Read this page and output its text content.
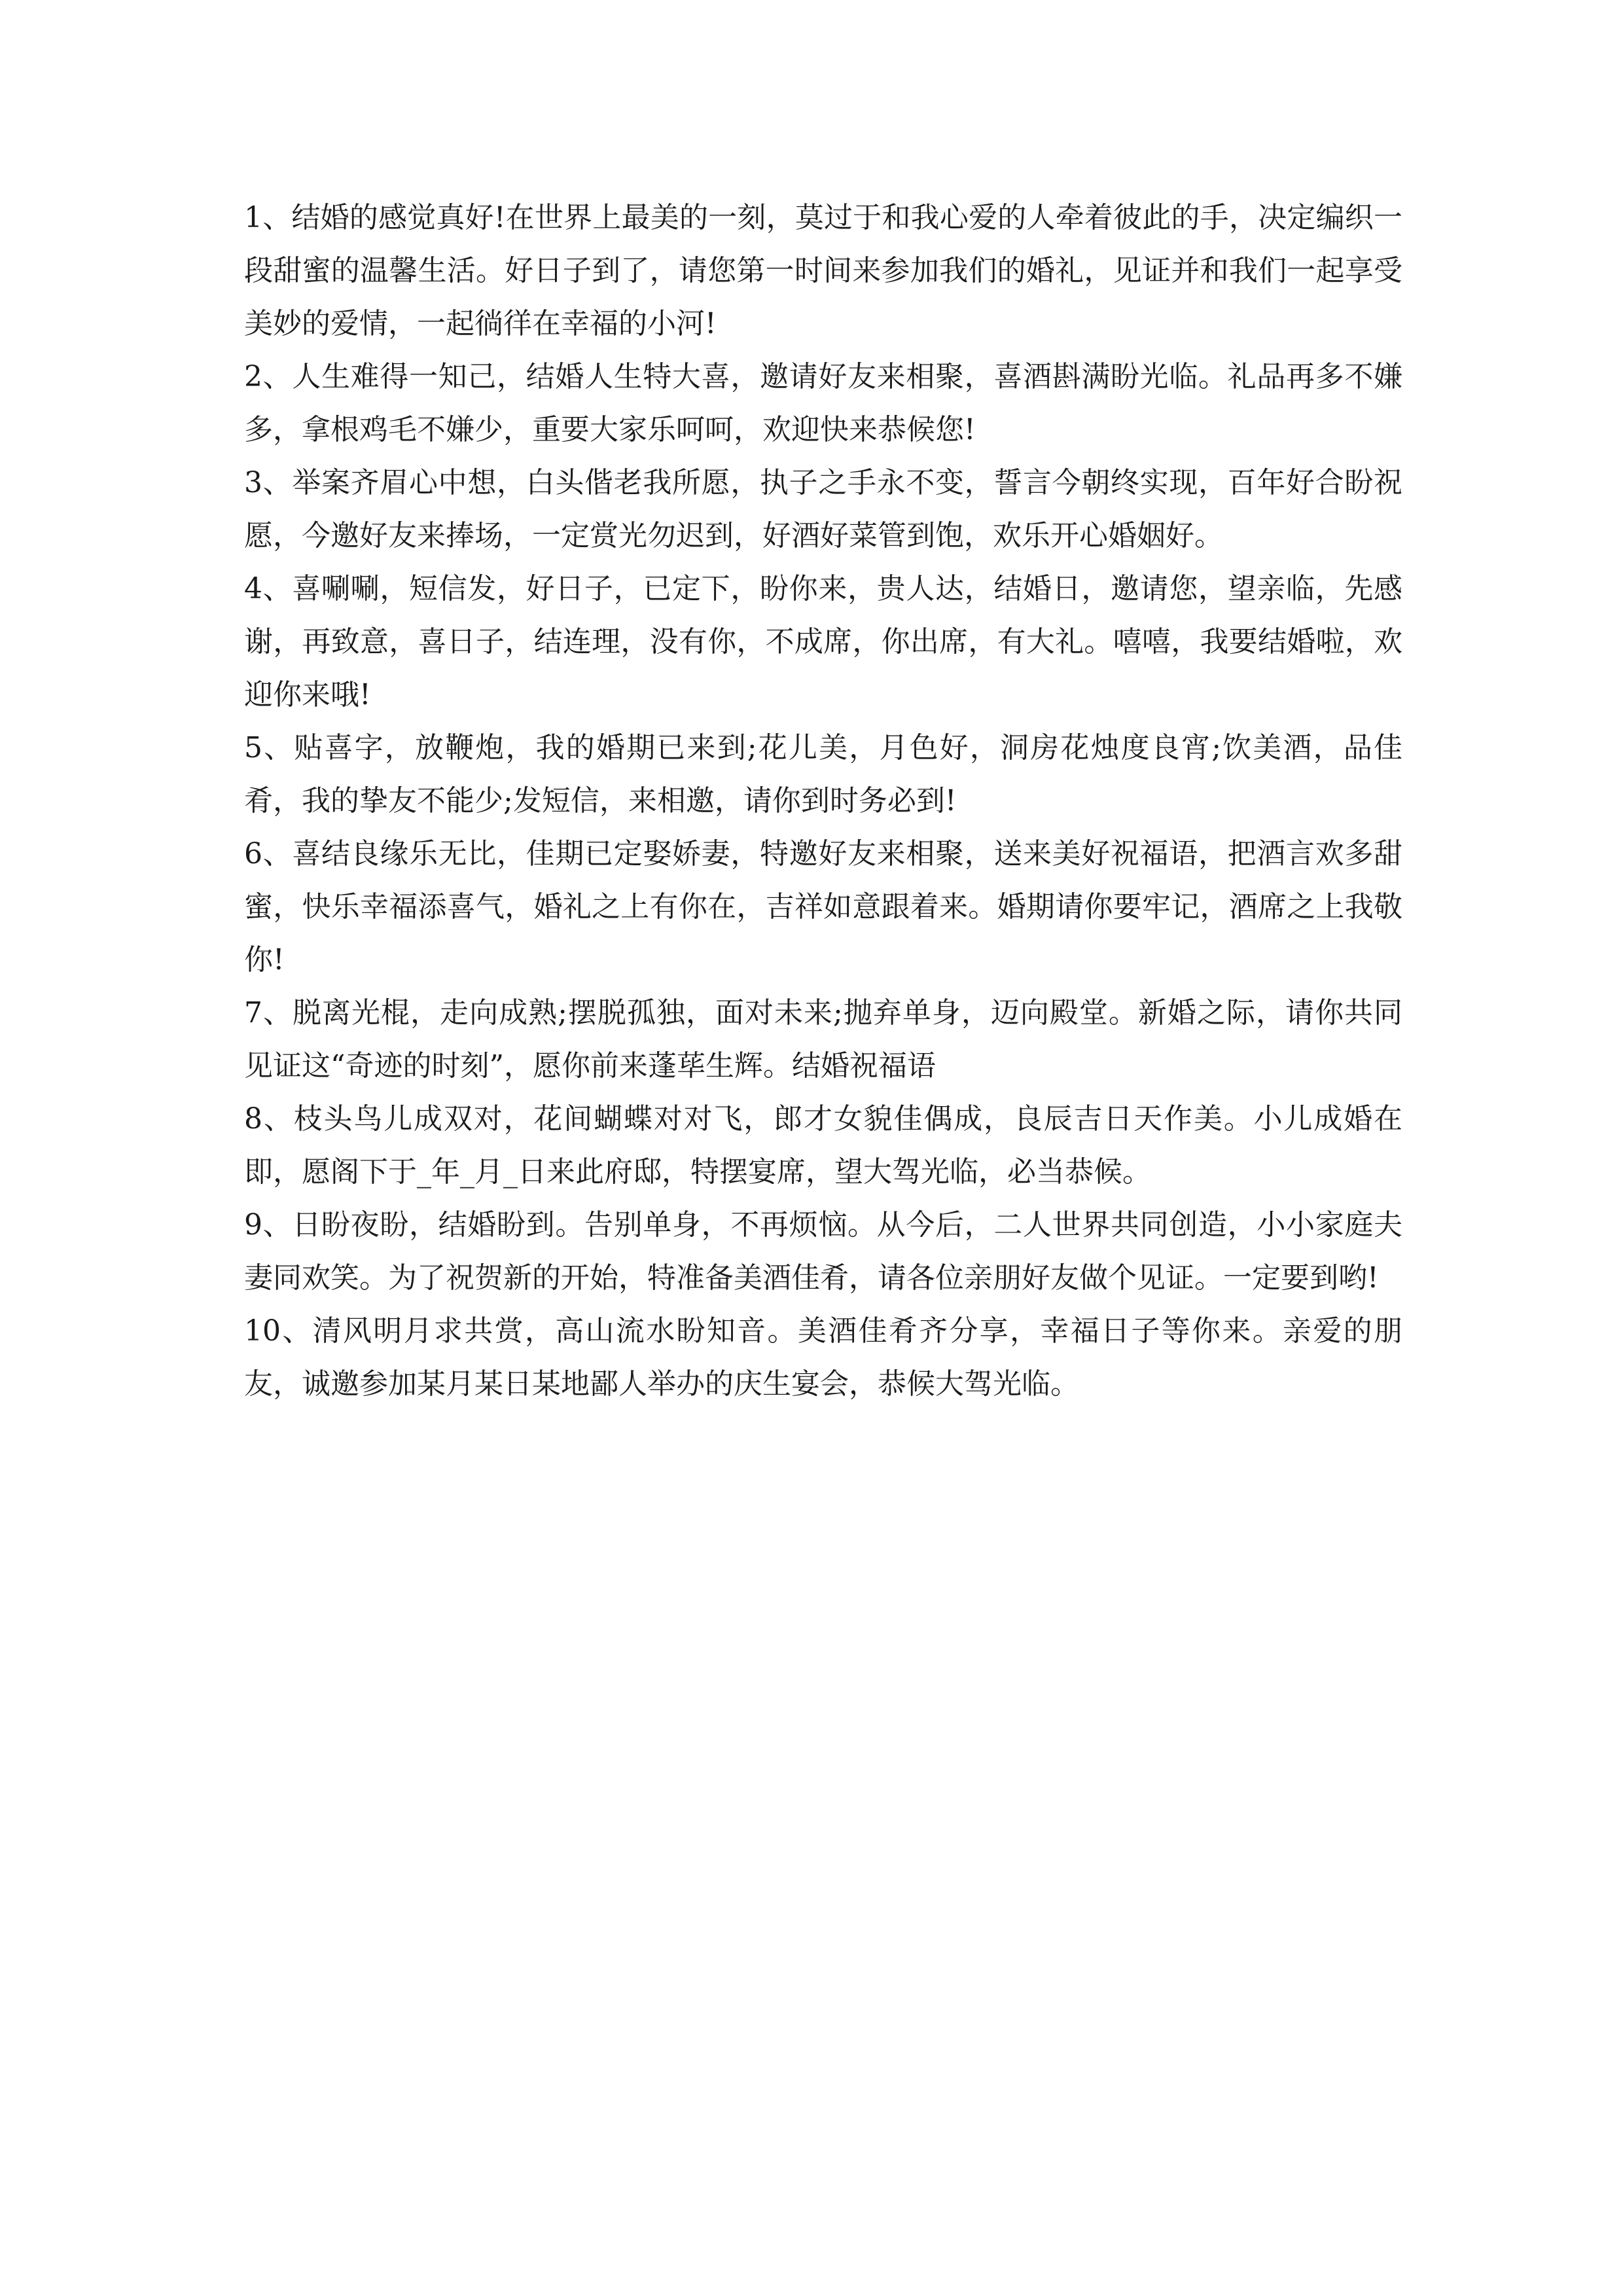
1、结婚的感觉真好!在世界上最美的一刻，莫过于和我心爱的人牵着彼此的手，决定编织一段甜蜜的温馨生活。好日子到了，请您第一时间来参加我们的婚礼，见证并和我们一起享受美妙的爱情，一起徜徉在幸福的小河!

2、人生难得一知己，结婚人生特大喜，邀请好友来相聚，喜酒斟满盼光临。礼品再多不嫌多，拿根鸡毛不嫌少，重要大家乐呵呵，欢迎快来恭候您!

3、举案齐眉心中想，白头偕老我所愿，执子之手永不变，誓言今朝终实现，百年好合盼祝愿，今邀好友来捧场，一定赏光勿迟到，好酒好菜管到饱，欢乐开心婚姻好。

4、喜唰唰，短信发，好日子，已定下，盼你来，贵人达，结婚日，邀请您，望亲临，先感谢，再致意，喜日子，结连理，没有你，不成席，你出席，有大礼。嘻嘻，我要结婚啦，欢迎你来哦!

5、贴喜字，放鞭炮，我的婚期已来到;花儿美，月色好，洞房花烛度良宵;饮美酒，品佳肴，我的挚友不能少;发短信，来相邀，请你到时务必到!

6、喜结良缘乐无比，佳期已定娶娇妻，特邀好友来相聚，送来美好祝福语，把酒言欢多甜蜜，快乐幸福添喜气，婚礼之上有你在，吉祥如意跟着来。婚期请你要牢记，酒席之上我敬你!

7、脱离光棍，走向成熟;摆脱孤独，面对未来;抛弃单身，迈向殿堂。新婚之际，请你共同见证这“奇迹的时刻”，愿你前来蓬荜生辉。结婚祝福语

8、枝头鸟儿成双对，花间蝴蝶对对飞，郎才女貌佳偶成，良辰吉日天作美。小儿成婚在即，愿阁下于_年_月_日来此府邸，特摆宴席，望大驾光临，必当恭候。

9、日盼夜盼，结婚盼到。告别单身，不再烦恼。从今后，二人世界共同创造，小小家庭夫妻同欢笑。为了祝贺新的开始，特准备美酒佳肴，请各位亲朋好友做个见证。一定要到哟!

10、清风明月求共赏，高山流水盼知音。美酒佳肴齐分享，幸福日子等你来。亲爱的朋友，诚邀参加某月某日某地鄙人举办的庆生宴会，恭候大驾光临。
